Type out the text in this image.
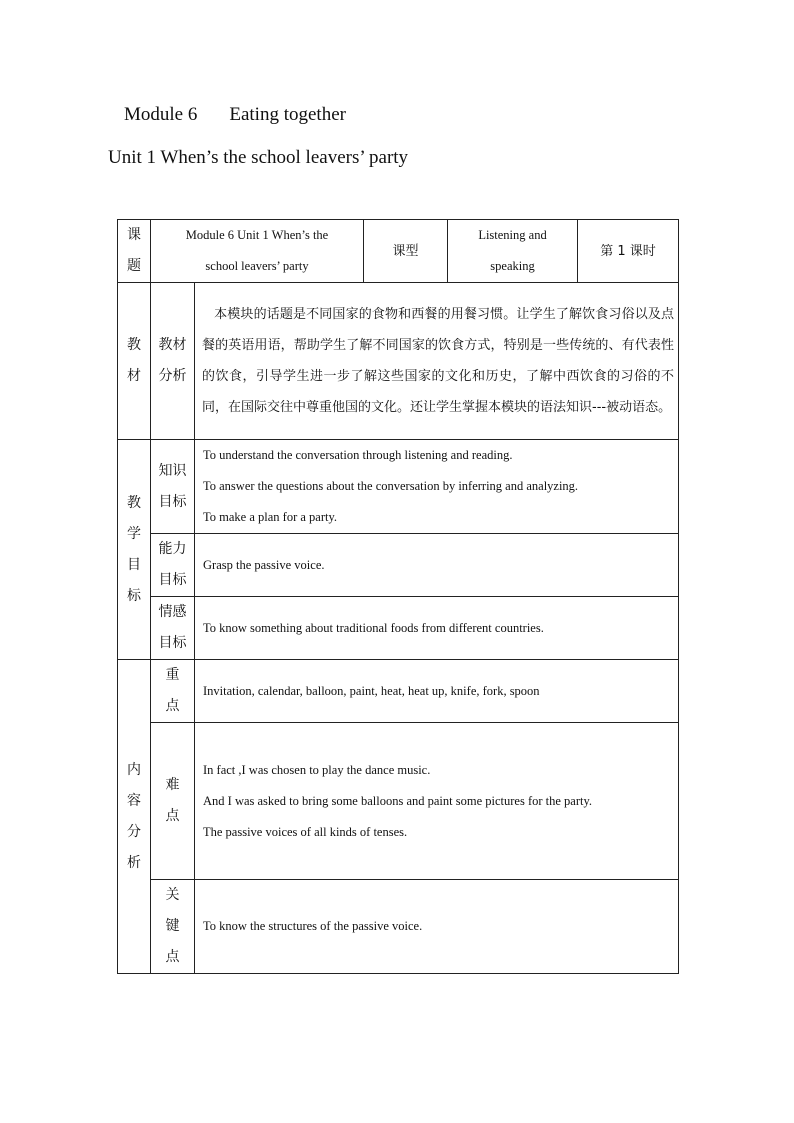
Module 6 Eating together
Unit 1 When’s the school leavers’ party
课题	Module 6 Unit 1 When’s the school leavers’ party		课型	Listening and speaking	第 1 课时

教材	教材分析	本模块的话题是不同国家的食物和西餐的用餐习惯。让学生了解饮食习俗以及点餐的英语用语，帮助学生了解不同国家的饮食方式，特别是一些传统的、有代表性的饮食，引导学生进一步了解这些国家的文化和历史，了解中西饮食的习俗的不同，在国际交往中尊重他国的文化。还让学生掌握本模块的语法知识---被动语态。			

教学目标	知识目标	To understand the conversation through listening and reading.

To answer the questions about the conversation by inferring and analyzing.

To make a plan for a party.			

	能力目标	Grasp the passive voice.			

	情感目标	To know something about traditional foods from different countries.			

内容分析	重点	Invitation, calendar, balloon, paint, heat, heat up, knife, fork, spoon			

	难点	In fact ,I was chosen to play the dance music.

And I was asked to bring some balloons and paint some pictures for the party.

The passive voices of all kinds of tenses.			

	关键点	To know the structures of the passive voice.			
